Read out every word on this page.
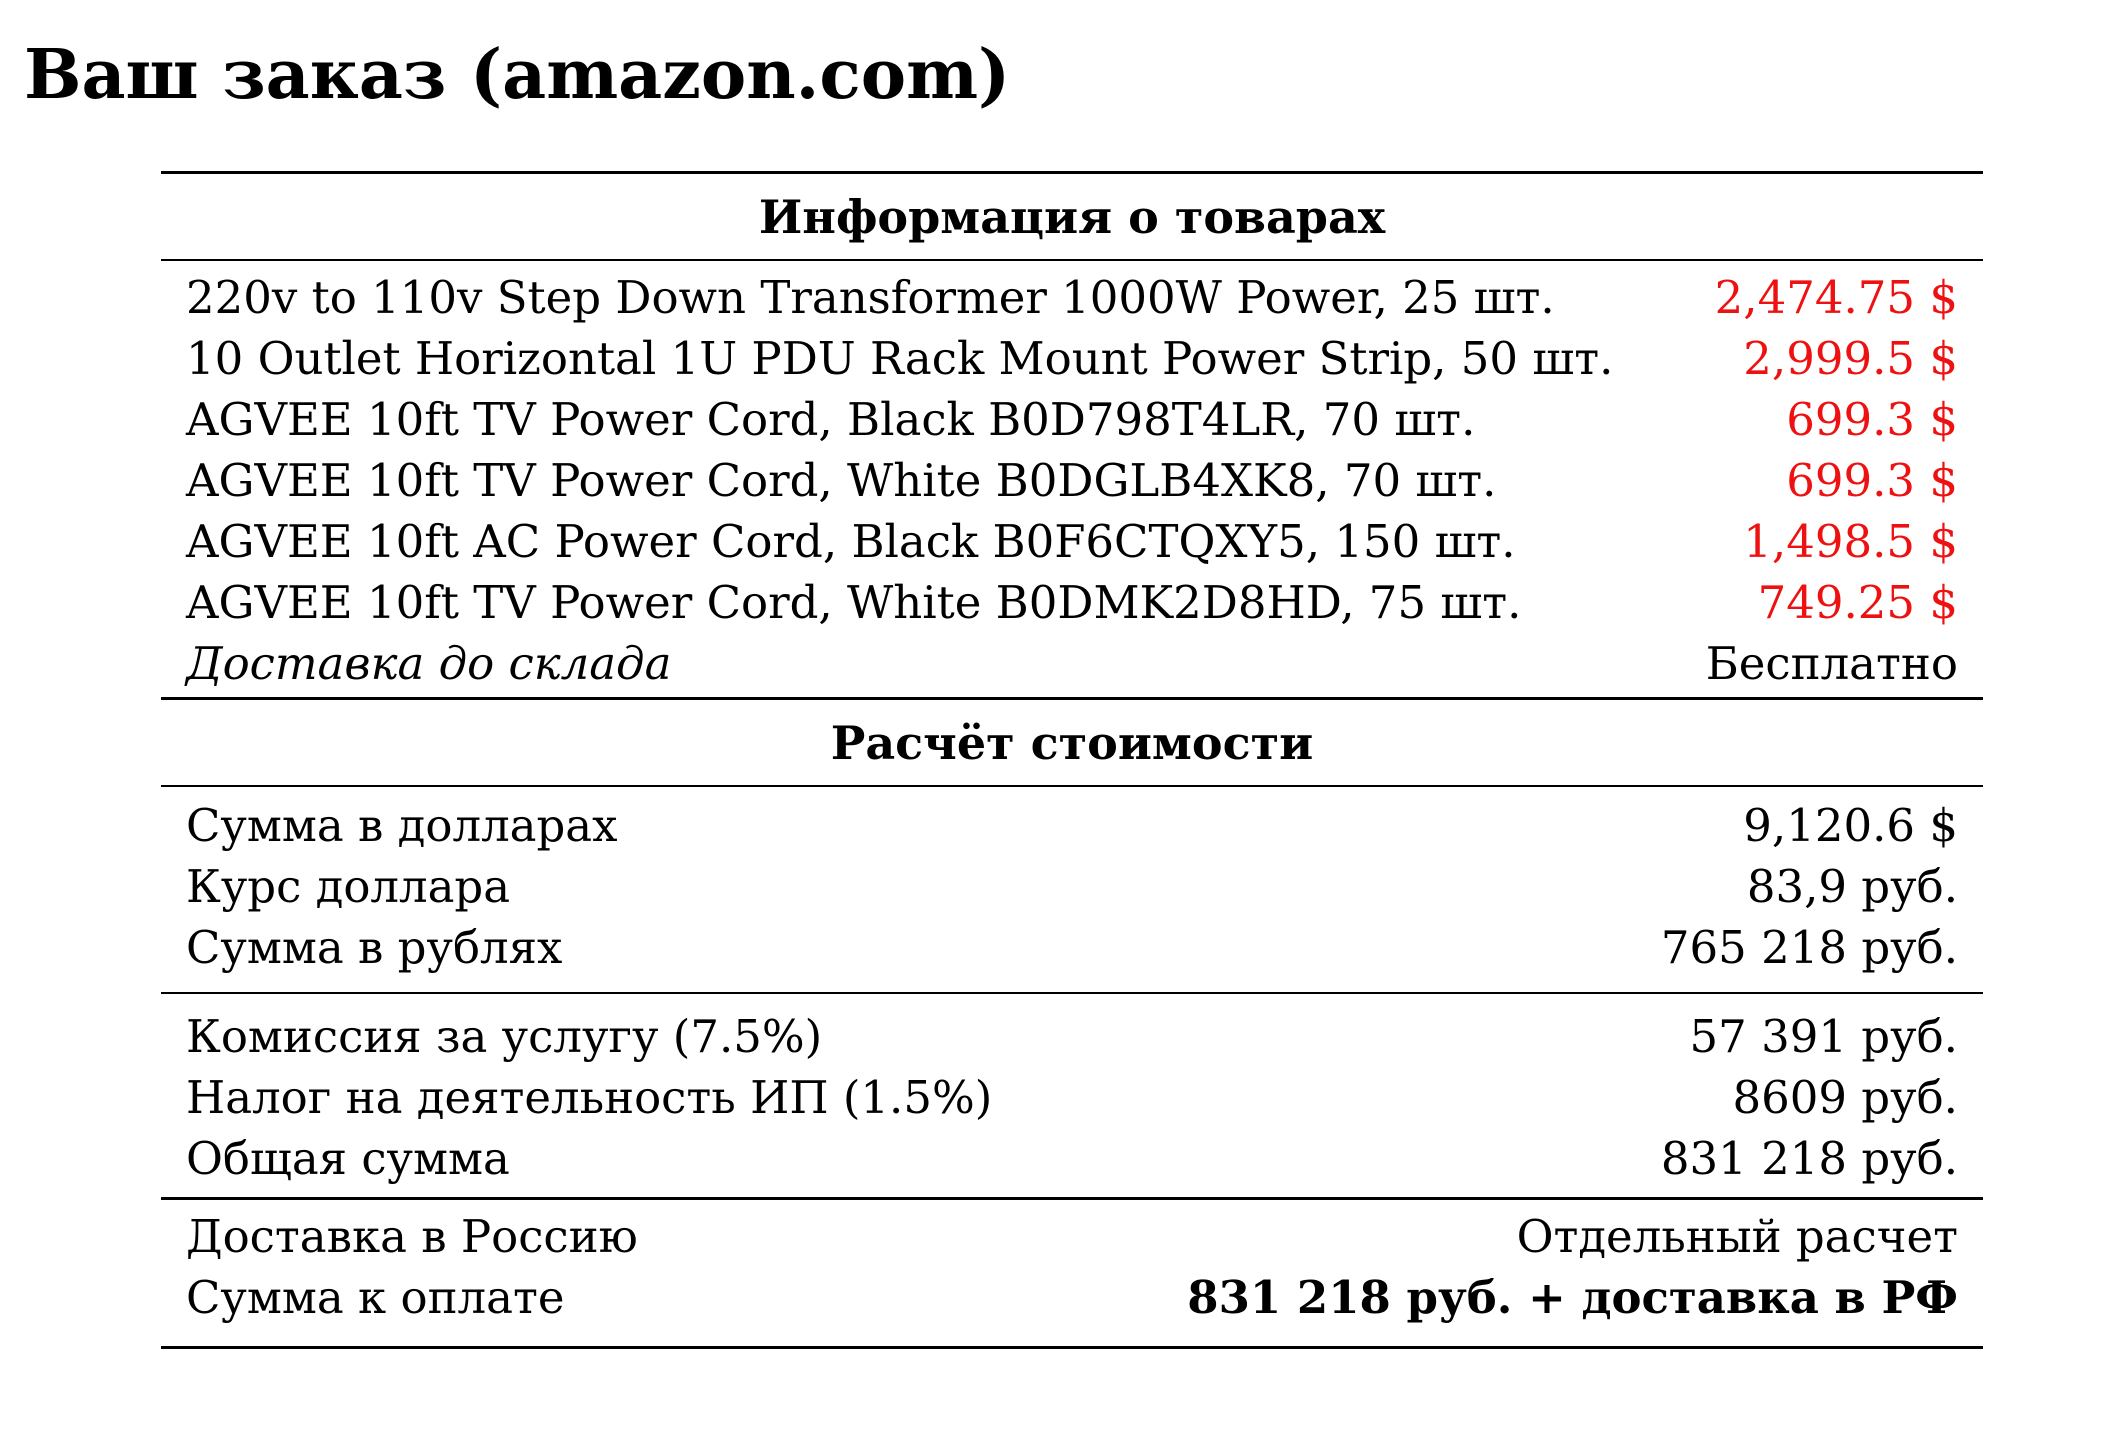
Ваш заказ (amazon.com)
Информация о товарах
220v to 110v Step Down Transformer 1000W Power, 25 шт.	2,474.75 $
10 Outlet Horizontal 1U PDU Rack Mount Power Strip, 50 шт.	2,999.5 $
AGVEE 10ft TV Power Cord, Black B0D798T4LR, 70 шт.	699.3 $
AGVEE 10ft TV Power Cord, White B0DGLB4XK8, 70 шт.	699.3 $
AGVEE 10ft AC Power Cord, Black B0F6CTQXY5, 150 шт.	1,498.5 $
AGVEE 10ft TV Power Cord, White B0DMK2D8HD, 75 шт.	749.25 $
Доставка до склада	Бесплатно
Расчёт стоимости
Сумма в долларах	9,120.6 $
Курс доллара	83,9 руб.
Сумма в рублях	765 218 руб.
Комиссия за услугу (7.5%)	57 391 руб.
Налог на деятельность ИП (1.5%)	8609 руб.
Общая сумма	831 218 руб.
Доставка в Россию	Отдельный расчет
Сумма к оплате	831 218 руб. + доставка в РФ
